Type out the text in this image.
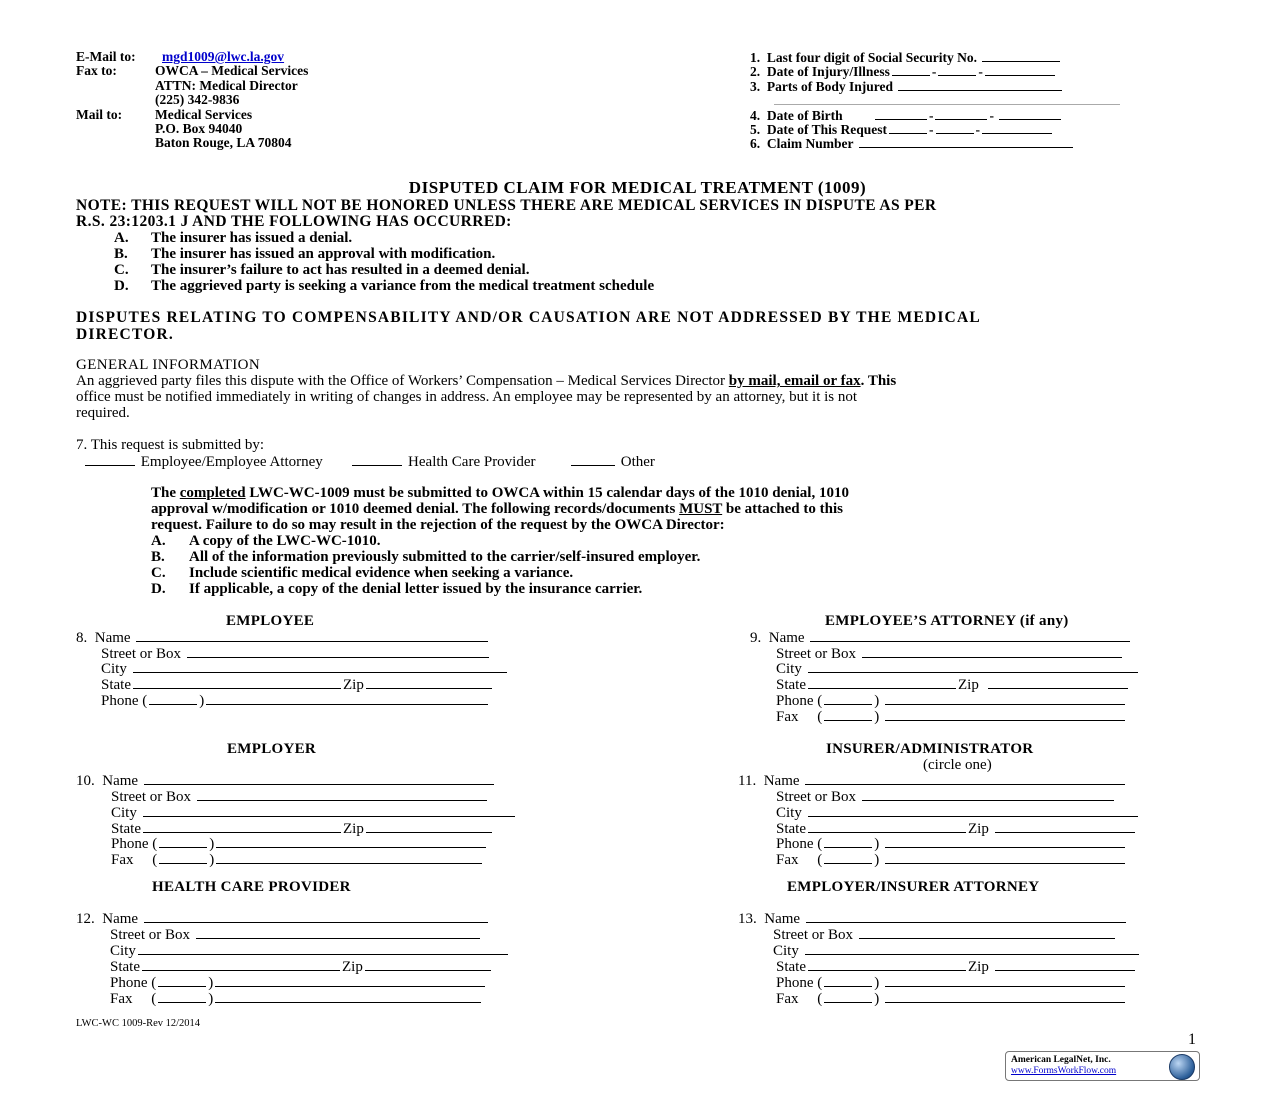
E-Mail to: mgd1009@lwc.la.gov
Fax to:	OWCA – Medical Services
ATTN: Medical Director
(225) 342-9836
Mail to: Medical Services
P.O. Box 94040
Baton Rouge, LA 70804
1. Last four digit of Social Security No.
2. Date of Injury/Illness	-	-
3. Parts of Body Injured
4. Date of Birth	-	-
5. Date of This Request	-	-
6. Claim Number
DISPUTED CLAIM FOR MEDICAL TREATMENT (1009)
NOTE: THIS REQUEST WILL NOT BE HONORED UNLESS THERE ARE MEDICAL SERVICES IN DISPUTE AS PER
R.S. 23:1203.1 J AND THE FOLLOWING HAS OCCURRED:
A. The insurer has issued a denial.
B. The insurer has issued an approval with modification.
C. The insurer’s failure to act has resulted in a deemed denial.
D. The aggrieved party is seeking a variance from the medical treatment schedule
DISPUTES RELATING TO COMPENSABILITY AND/OR CAUSATION ARE NOT ADDRESSED BY THE MEDICAL
DIRECTOR.
GENERAL INFORMATION
An aggrieved party files this dispute with the Office of Workers’ Compensation – Medical Services Director by mail, email or fax. This
office must be notified immediately in writing of changes in address. An employee may be represented by an attorney, but it is not
required.
7. This request is submitted by:
Employee/Employee Attorney	Health Care Provider	Other
The completed LWC-WC-1009 must be submitted to OWCA within 15 calendar days of the 1010 denial, 1010
approval w/modification or 1010 deemed denial. The following records/documents MUST be attached to this
request. Failure to do so may result in the rejection of the request by the OWCA Director:
A. A copy of the LWC-WC-1010.
B. All of the information previously submitted to the carrier/self-insured employer.
C. Include scientific medical evidence when seeking a variance.
D. If applicable, a copy of the denial letter issued by the insurance carrier.
EMPLOYEE
8. Name
Street or Box
City
State	Zip
Phone (	)
EMPLOYEE’S ATTORNEY (if any)
9. Name
Street or Box
City
State	Zip
Phone (	)
Fax (	)
EMPLOYER
10. Name
Street or Box
City
State	Zip
Phone (	)
Fax (	)
INSURER/ADMINISTRATOR
(circle one)
11. Name
Street or Box
City
State	Zip
Phone (	)
Fax (	)
HEALTH CARE PROVIDER
12. Name
Street or Box
City
State	Zip
Phone (	)
Fax (	)
EMPLOYER/INSURER ATTORNEY
13. Name
Street or Box
City
State	Zip
Phone (	)
Fax (	)
LWC-WC 1009-Rev 12/2014
1
American LegalNet, Inc.
www.FormsWorkFlow.com
